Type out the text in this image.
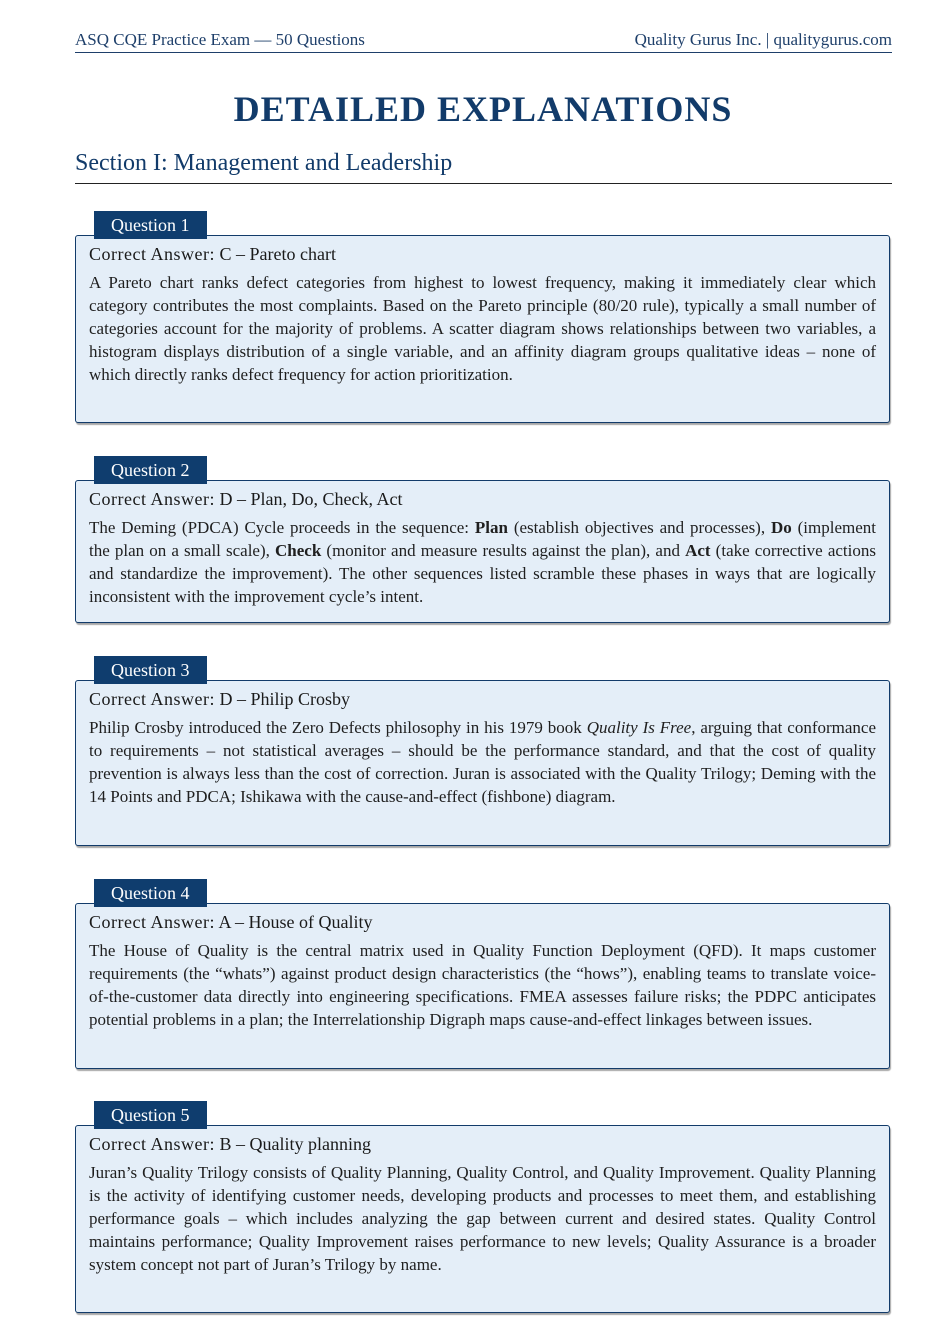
ASQ CQE Practice Exam — 50 Questions	Quality Gurus Inc. | qualitygurus.com
DETAILED EXPLANATIONS
Section I: Management and Leadership
Question 1
Correct Answer: C – Pareto chart
A Pareto chart ranks defect categories from highest to lowest frequency, making it immediately clear which category contributes the most complaints. Based on the Pareto principle (80/20 rule), typically a small number of categories account for the majority of problems. A scatter diagram shows relationships between two variables, a histogram displays distribution of a single variable, and an affinity diagram groups qualitative ideas – none of which directly ranks defect frequency for action prioritization.
Question 2
Correct Answer: D – Plan, Do, Check, Act
The Deming (PDCA) Cycle proceeds in the sequence: Plan (establish objectives and processes), Do (implement the plan on a small scale), Check (monitor and measure results against the plan), and Act (take corrective actions and standardize the improvement). The other sequences listed scramble these phases in ways that are logically inconsistent with the improvement cycle’s intent.
Question 3
Correct Answer: D – Philip Crosby
Philip Crosby introduced the Zero Defects philosophy in his 1979 book Quality Is Free, arguing that conformance to requirements – not statistical averages – should be the performance standard, and that the cost of quality prevention is always less than the cost of correction. Juran is associated with the Quality Trilogy; Deming with the 14 Points and PDCA; Ishikawa with the cause-and-effect (fishbone) diagram.
Question 4
Correct Answer: A – House of Quality
The House of Quality is the central matrix used in Quality Function Deployment (QFD). It maps customer requirements (the “whats”) against product design characteristics (the “hows”), enabling teams to translate voice-of-the-customer data directly into engineering specifications. FMEA assesses failure risks; the PDPC anticipates potential problems in a plan; the Interrelationship Digraph maps cause-and-effect linkages between issues.
Question 5
Correct Answer: B – Quality planning
Juran’s Quality Trilogy consists of Quality Planning, Quality Control, and Quality Improvement. Quality Planning is the activity of identifying customer needs, developing products and processes to meet them, and establishing performance goals – which includes analyzing the gap between current and desired states. Quality Control maintains performance; Quality Improvement raises performance to new levels; Quality Assurance is a broader system concept not part of Juran’s Trilogy by name.
